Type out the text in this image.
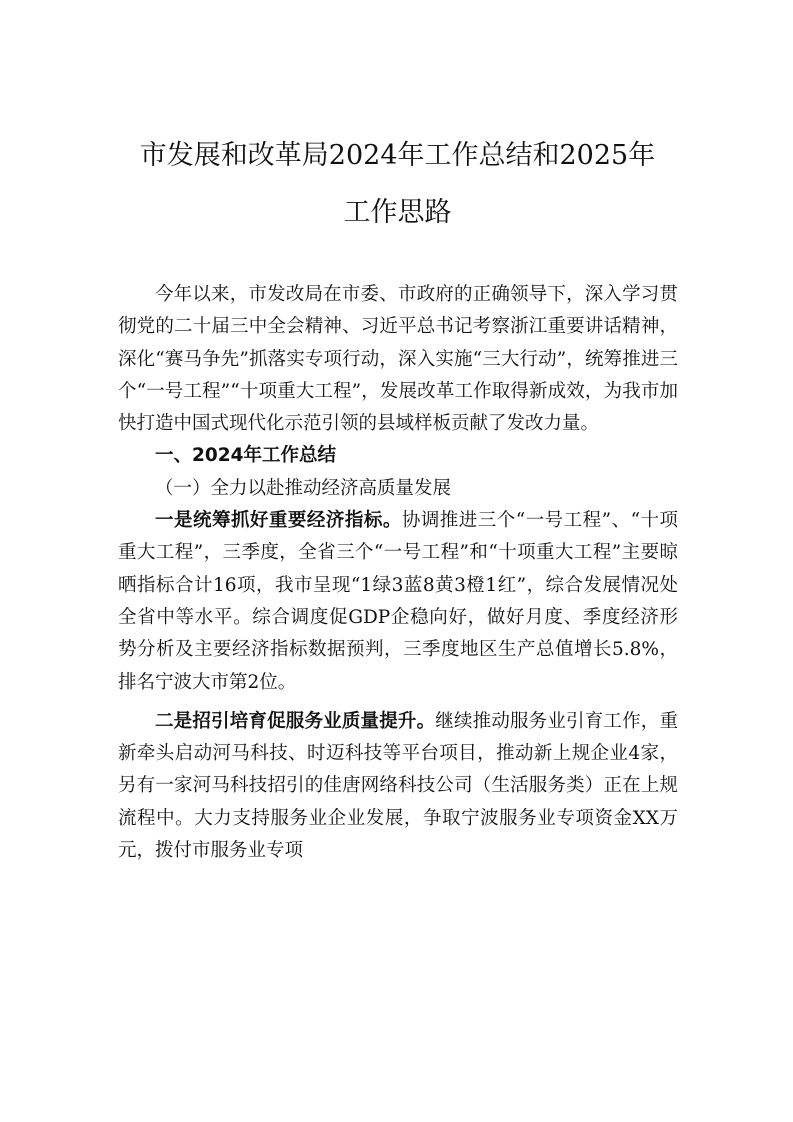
市发展和改革局2024年工作总结和2025年
工作思路

今年以来，市发改局在市委、市政府的正确领导下，深入学习贯彻党的二十届三中全会精神、习近平总书记考察浙江重要讲话精神，深化“赛马争先”抓落实专项行动，深入实施“三大行动”，统筹推进三个“一号工程”“十项重大工程”，发展改革工作取得新成效，为我市加快打造中国式现代化示范引领的县域样板贡献了发改力量。

一、2024年工作总结

（一）全力以赴推动经济高质量发展

一是统筹抓好重要经济指标。协调推进三个“一号工程”、“十项重大工程”，三季度，全省三个“一号工程”和“十项重大工程”主要晾晒指标合计16项，我市呈现“1绿3蓝8黄3橙1红”，综合发展情况处全省中等水平。综合调度促GDP企稳向好，做好月度、季度经济形势分析及主要经济指标数据预判，三季度地区生产总值增长5.8%，排名宁波大市第2位。

二是招引培育促服务业质量提升。继续推动服务业引育工作，重新牵头启动河马科技、时迈科技等平台项目，推动新上规企业4家，另有一家河马科技招引的佳唐网络科技公司（生活服务类）正在上规流程中。大力支持服务业企业发展，争取宁波服务业专项资金XX万元，拨付市服务业专项
